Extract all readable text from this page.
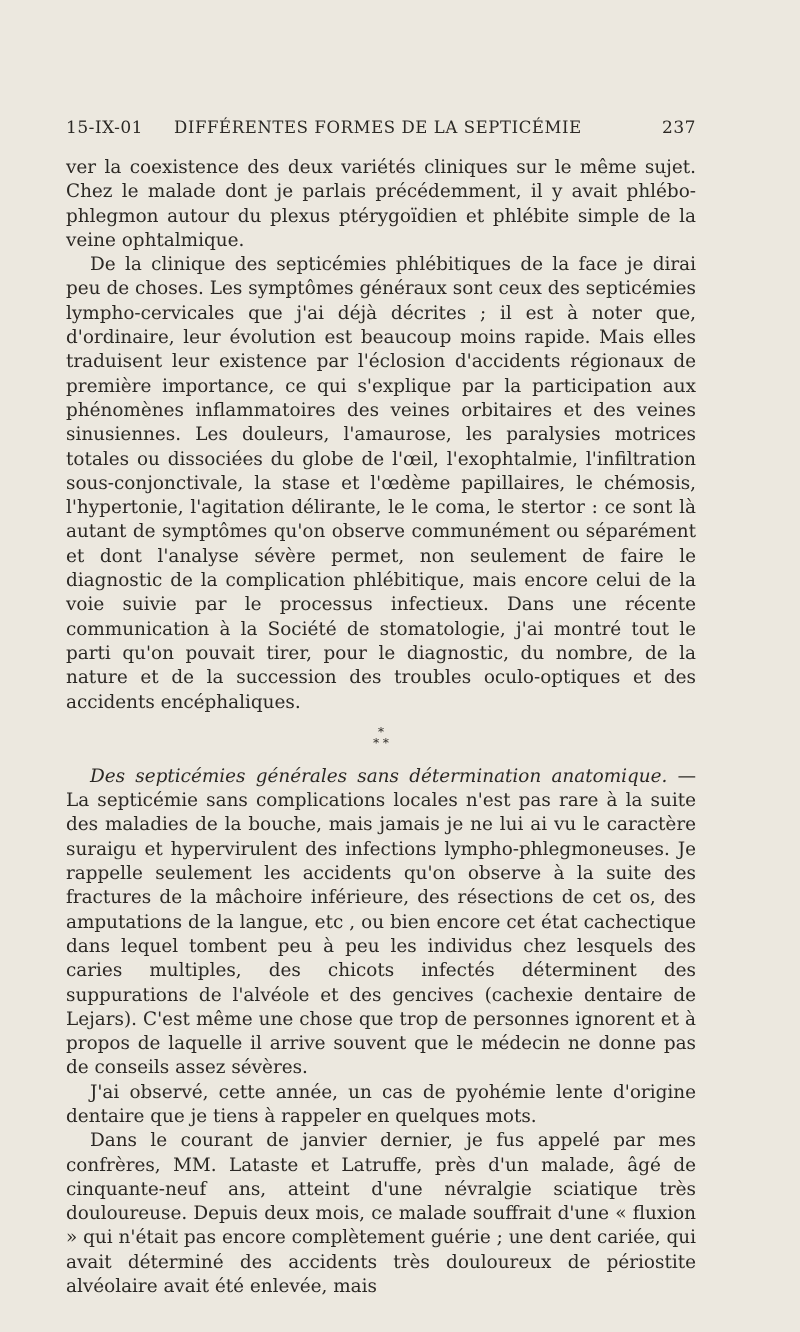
15-IX-01 DIFFÉRENTES FORMES DE LA SEPTICÉMIE	237

ver la coexistence des deux variétés cliniques sur le même sujet. Chez le malade dont je parlais précédemment, il y avait phlébo-phlegmon autour du plexus ptérygoïdien et phlébite simple de la veine ophtalmique.

De la clinique des septicémies phlébitiques de la face je dirai peu de choses. Les symptômes généraux sont ceux des septicémies lympho-cervicales que j'ai déjà décrites ; il est à noter que, d'ordinaire, leur évolution est beaucoup moins rapide. Mais elles traduisent leur existence par l'éclosion d'accidents régionaux de première importance, ce qui s'explique par la participation aux phénomènes inflammatoires des veines orbitaires et des veines sinusiennes. Les douleurs, l'amaurose, les paralysies motrices totales ou dissociées du globe de l'œil, l'exophtalmie, l'infiltration sous-conjonctivale, la stase et l'œdème papillaires, le chémosis, l'hypertonie, l'agitation délirante, le le coma, le stertor : ce sont là autant de symptômes qu'on observe communément ou séparément et dont l'analyse sévère permet, non seulement de faire le diagnostic de la complication phlébitique, mais encore celui de la voie suivie par le processus infectieux. Dans une récente communication à la Société de stomatologie, j'ai montré tout le parti qu'on pouvait tirer, pour le diagnostic, du nombre, de la nature et de la succession des troubles oculo-optiques et des accidents encéphaliques.

*
* *

Des septicémies générales sans détermination anatomique. — La septicémie sans complications locales n'est pas rare à la suite des maladies de la bouche, mais jamais je ne lui ai vu le caractère suraigu et hypervirulent des infections lympho-phlegmoneuses. Je rappelle seulement les accidents qu'on observe à la suite des fractures de la mâchoire inférieure, des résections de cet os, des amputations de la langue, etc , ou bien encore cet état cachectique dans lequel tombent peu à peu les individus chez lesquels des caries multiples, des chicots infectés déterminent des suppurations de l'alvéole et des gencives (cachexie dentaire de Lejars). C'est même une chose que trop de personnes ignorent et à propos de laquelle il arrive souvent que le médecin ne donne pas de conseils assez sévères.

J'ai observé, cette année, un cas de pyohémie lente d'origine dentaire que je tiens à rappeler en quelques mots.

Dans le courant de janvier dernier, je fus appelé par mes confrères, MM. Lataste et Latruffe, près d'un malade, âgé de cinquante-neuf ans, atteint d'une névralgie sciatique très douloureuse. Depuis deux mois, ce malade souffrait d'une « fluxion » qui n'était pas encore complètement guérie ; une dent cariée, qui avait déterminé des accidents très douloureux de périostite alvéolaire avait été enlevée, mais
